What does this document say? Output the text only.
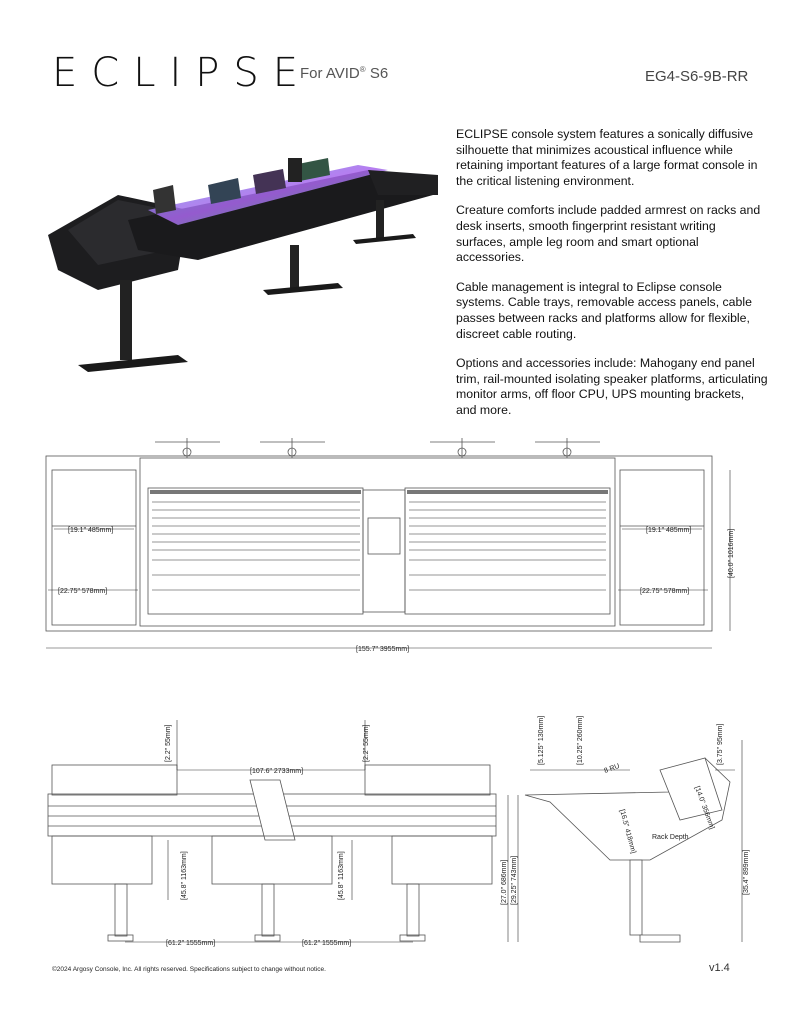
ECLIPSE
For AVID® S6	EG4-S6-9B-RR

ECLIPSE console system features a sonically diffusive silhouette that minimizes acoustical influence while retaining important features of a large format console in the critical listening environment.

Creature comforts include padded armrest on racks and desk inserts, smooth fingerprint resistant writing surfaces, ample leg room and smart optional accessories.

Cable management is integral to Eclipse console systems. Cable trays, removable access panels, cable passes between racks and platforms allow for flexible, discreet cable routing.

Options and accessories include: Mahogany end panel trim, rail-mounted isolating speaker platforms, articulating monitor arms, off floor CPU, UPS mounting brackets, and more.

[19.1" 485mm]	[19.1" 485mm]
[22.75" 578mm]	[22.75" 578mm]
[155.7" 3955mm]
[40.0" 1016mm]
[2.2" 55mm]	[2.2" 55mm]
[107.6" 2733mm]
[45.8" 1163mm]	[45.8" 1163mm]
[61.2" 1555mm]	[61.2" 1555mm]
[5.125" 130mm]	[10.25" 260mm]	[3.75" 95mm]
8 RU
[14.0" 356mm]
[16.5" 418mm] Rack Depth
[29.25" 743mm]
[27.0" 686mm]	[35.4" 899mm]
©2024 Argosy Console, Inc. All rights reserved. Specifications subject to change without notice.	v1.4
